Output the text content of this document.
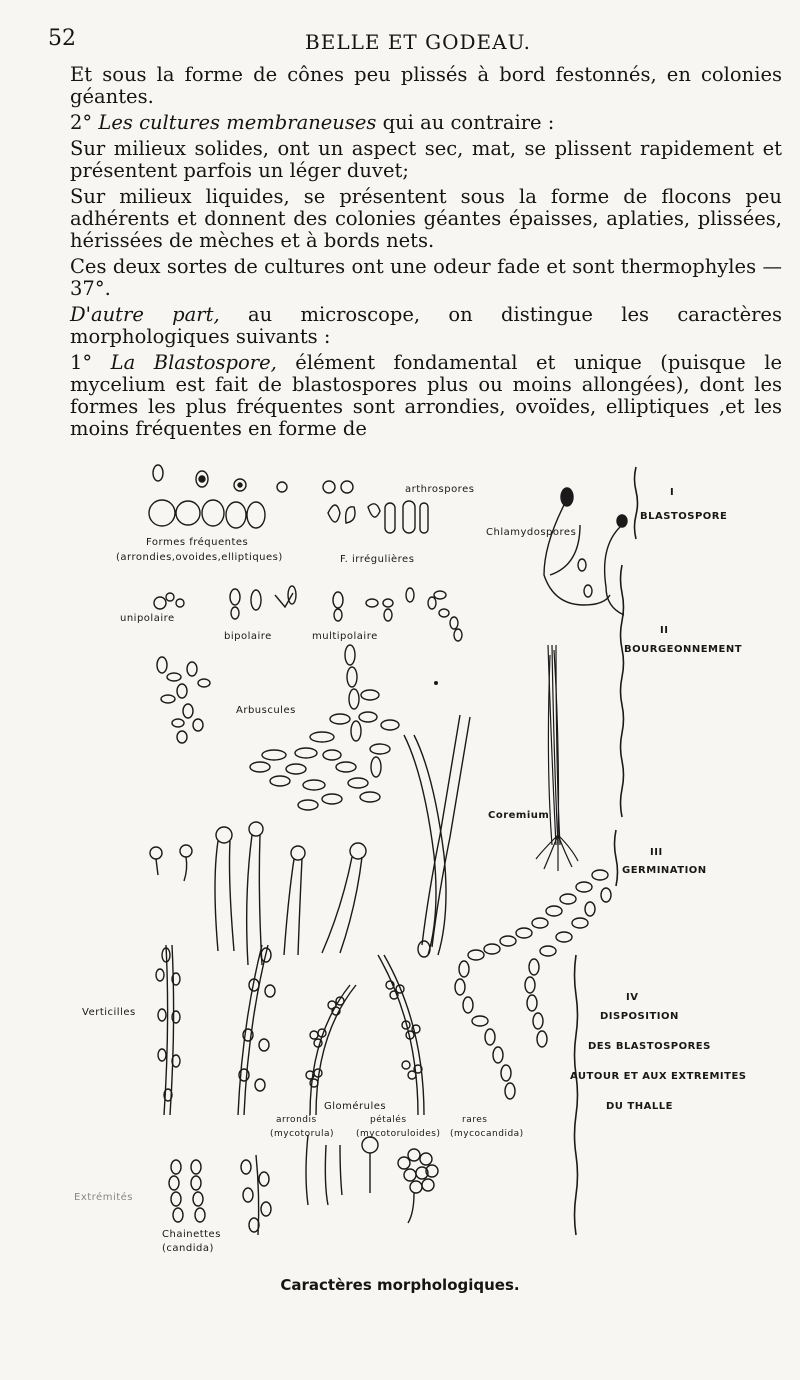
52	BELLE ET GODEAU.

Et sous la forme de cônes peu plissés à bord festonnés, en colonies géantes.

2° Les cultures membraneuses qui au contraire :

Sur milieux solides, ont un aspect sec, mat, se plissent rapidement et présentent parfois un léger duvet;

Sur milieux liquides, se présentent sous la forme de flocons peu adhérents et donnent des colonies géantes épaisses, aplaties, plissées, hérissées de mèches et à bords nets.

Ces deux sortes de cultures ont une odeur fade et sont thermophyles — 37°.

D'autre part, au microscope, on distingue les caractères morphologiques suivants :

1° La Blastospore, élément fondamental et unique (puisque le mycelium est fait de blastospores plus ou moins allongées), dont les formes les plus fréquentes sont arrondies, ovoïdes, elliptiques ,et les moins fréquentes en forme de

arthrospores
Formes fréquentes
(arrondies,ovoides,elliptiques)	F. irrégulières
Chlamydospores
unipolaire
bipolaire	multipolaire
Arbuscules
Coremium
Verticilles
Glomérules
arrondis
(mycotorula)
pétalés
(mycotoruloides)
rares
(mycocandida)
Extrémités
Chainettes
(candida)
I
BLASTOSPORE
II
BOURGEONNEMENT
III
GERMINATION
IV
DISPOSITION
DES BLASTOSPORES
AUTOUR ET AUX EXTREMITES
DU THALLE
Caractères morphologiques.
